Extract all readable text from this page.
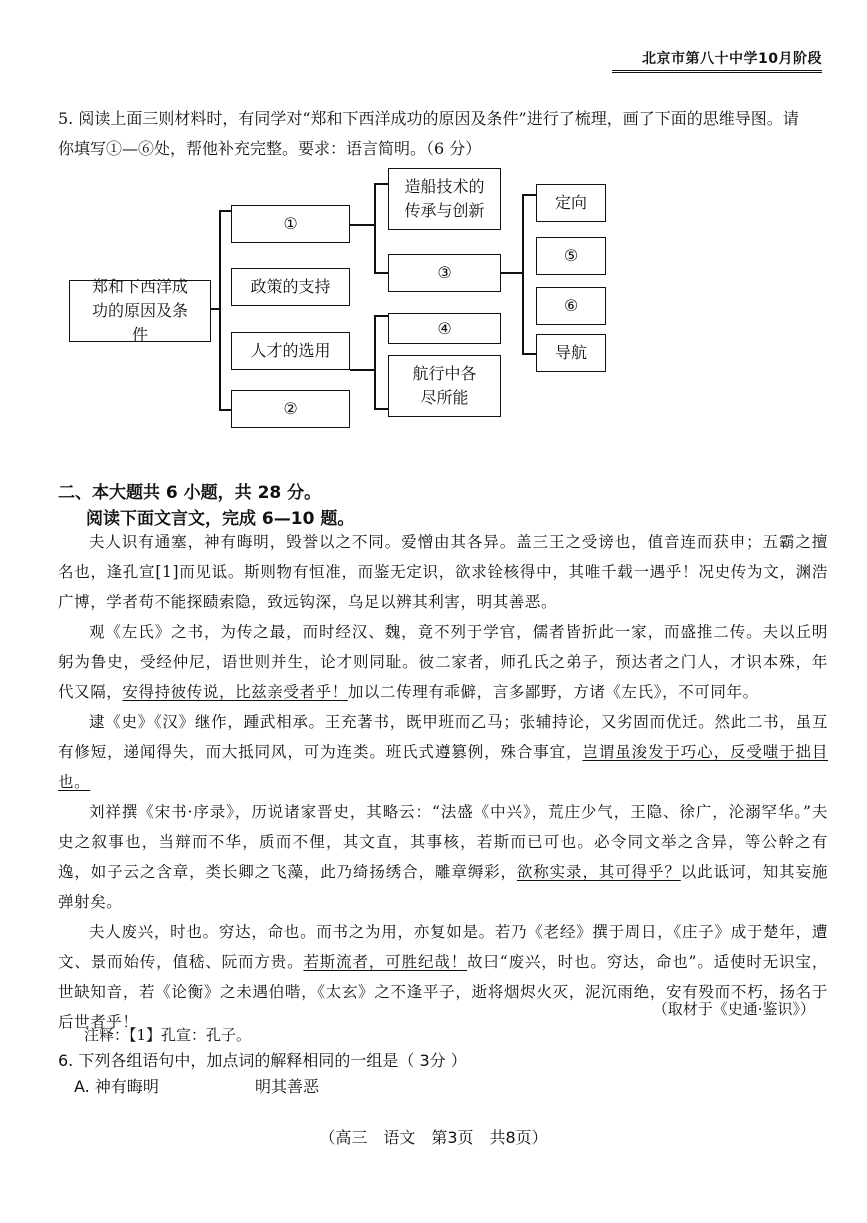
北京市第八十中学10月阶段
5. 阅读上面三则材料时，有同学对“郑和下西洋成功的原因及条件”进行了梳理，画了下面的思维导图。请
你填写①—⑥处，帮他补充完整。要求：语言简明。（6 分）
郑和下西洋成功的原因及条件
①
政策的支持
人才的选用
②
造船技术的传承与创新
③
④
航行中各尽所能
定向
⑤
⑥
导航
二、本大题共 6 小题，共 28 分。
阅读下面文言文，完成 6—10 题。

夫人识有通塞，神有晦明，毁誉以之不同。爱憎由其各异。盖三王之受谤也，值音连而获申；五霸之擅名也，逢孔宣[1]而见诋。斯则物有恒准，而鉴无定识，欲求铨核得中，其唯千载一遇乎！况史传为文，渊浩广博，学者苟不能探赜索隐，致远钩深，乌足以辨其利害，明其善恶。

观《左氏》之书，为传之最，而时经汉、魏，竟不列于学官，儒者皆折此一家，而盛推二传。夫以丘明躬为鲁史，受经仲尼，语世则并生，论才则同耻。彼二家者，师孔氏之弟子，预达者之门人，才识本殊，年代又隔，安得持彼传说，比兹亲受者乎！加以二传理有乖僻，言多鄙野，方诸《左氏》，不可同年。

逮《史》《汉》继作，踵武相承。王充著书，既甲班而乙马；张辅持论，又劣固而优迁。然此二书，虽互有修短，递闻得失，而大抵同风，可为连类。班氏式遵篡例，殊合事宜，岂谓虽浚发于巧心，反受嗤于拙目也。

刘祥撰《宋书·序录》，历说诸家晋史，其略云：“法盛《中兴》，荒庄少气，王隐、徐广，沦溺罕华。”夫史之叙事也，当辩而不华，质而不俚，其文直，其事核，若斯而已可也。必令同文举之含异，等公幹之有逸，如子云之含章，类长卿之飞藻，此乃绮扬绣合，雕章缛彩，欲称实录，其可得乎？以此诋诃，知其妄施弹射矣。

夫人废兴，时也。穷达，命也。而书之为用，亦复如是。若乃《老经》撰于周日，《庄子》成于楚年，遭文、景而始传，值嵇、阮而方贵。若斯流者，可胜纪哉！故曰“废兴，时也。穷达，命也”。适使时无识宝，世缺知音，若《论衡》之未遇伯喈，《太玄》之不逢平子，逝将烟烬火灭，泥沉雨绝，安有殁而不朽，扬名于后世者乎！

（取材于《史通·鉴识》）
注释：【1】孔宣：孔子。
6. 下列各组语句中，加点词的解释相同的一组是（ 3分 ）
A. 神有晦明	明其善恶
（高三　语文　第3页　共8页）
